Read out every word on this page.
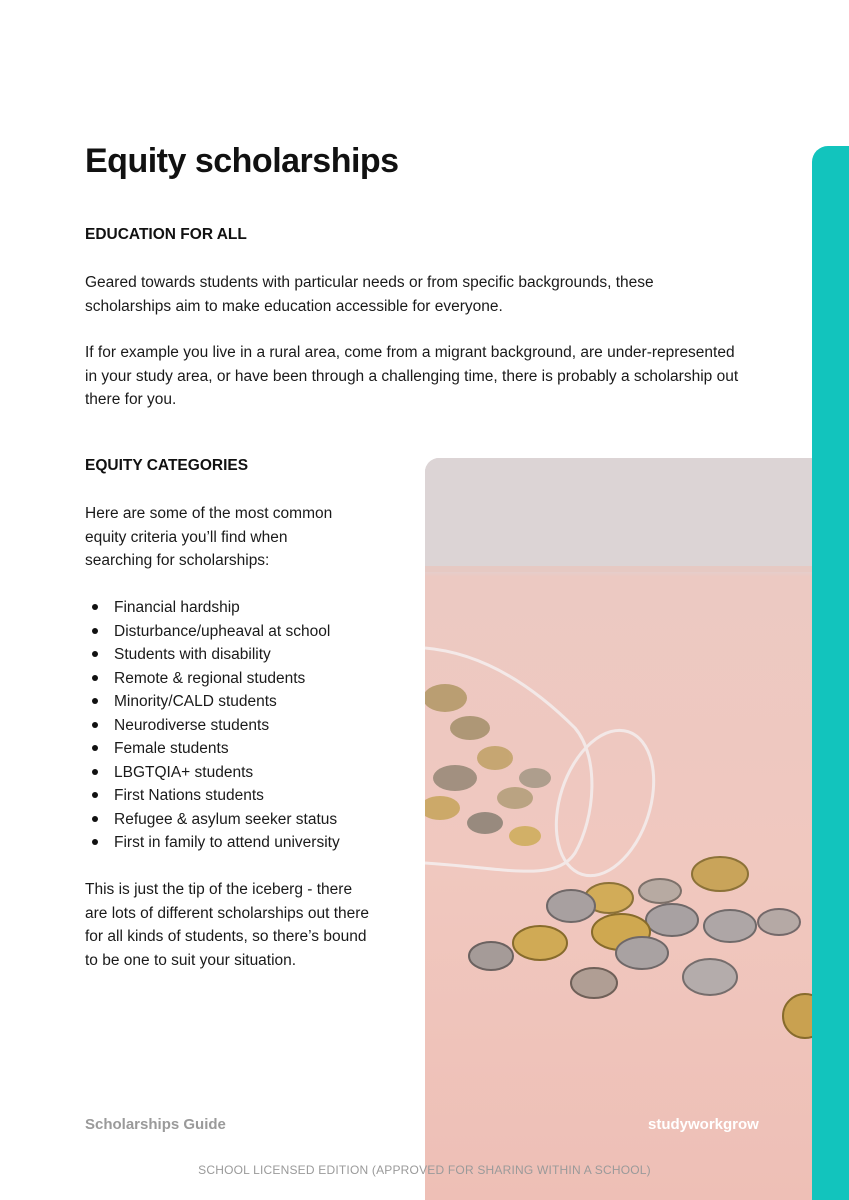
Equity scholarships
EDUCATION FOR ALL

Geared towards students with particular needs or from specific backgrounds, these scholarships aim to make education accessible for everyone.

If for example you live in a rural area, come from a migrant background, are under-represented in your study area, or have been through a challenging time, there is probably a scholarship out there for you.

EQUITY CATEGORIES

Here are some of the most common equity criteria you’ll find when searching for scholarships:

Financial hardship
Disturbance/upheaval at school
Students with disability
Remote & regional students
Minority/CALD students
Neurodiverse students
Female students
LBGTQIA+ students
First Nations students
Refugee & asylum seeker status
First in family to attend university

This is just the tip of the iceberg - there are lots of different scholarships out there for all kinds of students, so there’s bound to be one to suit your situation.

Scholarships Guide	studyworkgrow
SCHOOL LICENSED EDITION (APPROVED FOR SHARING WITHIN A SCHOOL)
